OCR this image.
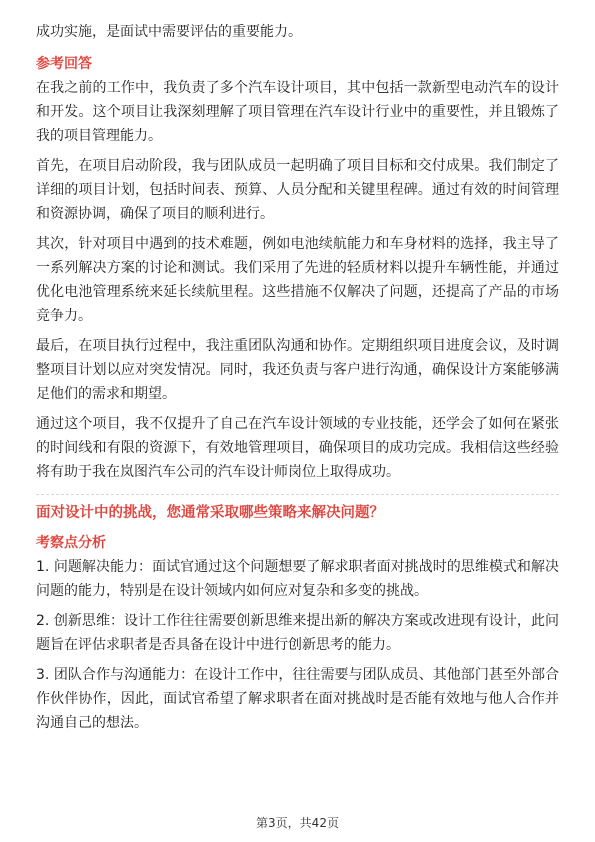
成功实施，是面试中需要评估的重要能力。

参考回答

在我之前的工作中，我负责了多个汽车设计项目，其中包括一款新型电动汽车的设计和开发。这个项目让我深刻理解了项目管理在汽车设计行业中的重要性，并且锻炼了我的项目管理能力。

首先，在项目启动阶段，我与团队成员一起明确了项目目标和交付成果。我们制定了详细的项目计划，包括时间表、预算、人员分配和关键里程碑。通过有效的时间管理和资源协调，确保了项目的顺利进行。

其次，针对项目中遇到的技术难题，例如电池续航能力和车身材料的选择，我主导了一系列解决方案的讨论和测试。我们采用了先进的轻质材料以提升车辆性能，并通过优化电池管理系统来延长续航里程。这些措施不仅解决了问题，还提高了产品的市场竞争力。

最后，在项目执行过程中，我注重团队沟通和协作。定期组织项目进度会议，及时调整项目计划以应对突发情况。同时，我还负责与客户进行沟通，确保设计方案能够满足他们的需求和期望。

通过这个项目，我不仅提升了自己在汽车设计领域的专业技能，还学会了如何在紧张的时间线和有限的资源下，有效地管理项目，确保项目的成功完成。我相信这些经验将有助于我在岚图汽车公司的汽车设计师岗位上取得成功。

面对设计中的挑战，您通常采取哪些策略来解决问题？

考察点分析

1. 问题解决能力：面试官通过这个问题想要了解求职者面对挑战时的思维模式和解决问题的能力，特别是在设计领域内如何应对复杂和多变的挑战。

2. 创新思维：设计工作往往需要创新思维来提出新的解决方案或改进现有设计，此问题旨在评估求职者是否具备在设计中进行创新思考的能力。

3. 团队合作与沟通能力：在设计工作中，往往需要与团队成员、其他部门甚至外部合作伙伴协作，因此，面试官希望了解求职者在面对挑战时是否能有效地与他人合作并沟通自己的想法。

第3页，共42页
